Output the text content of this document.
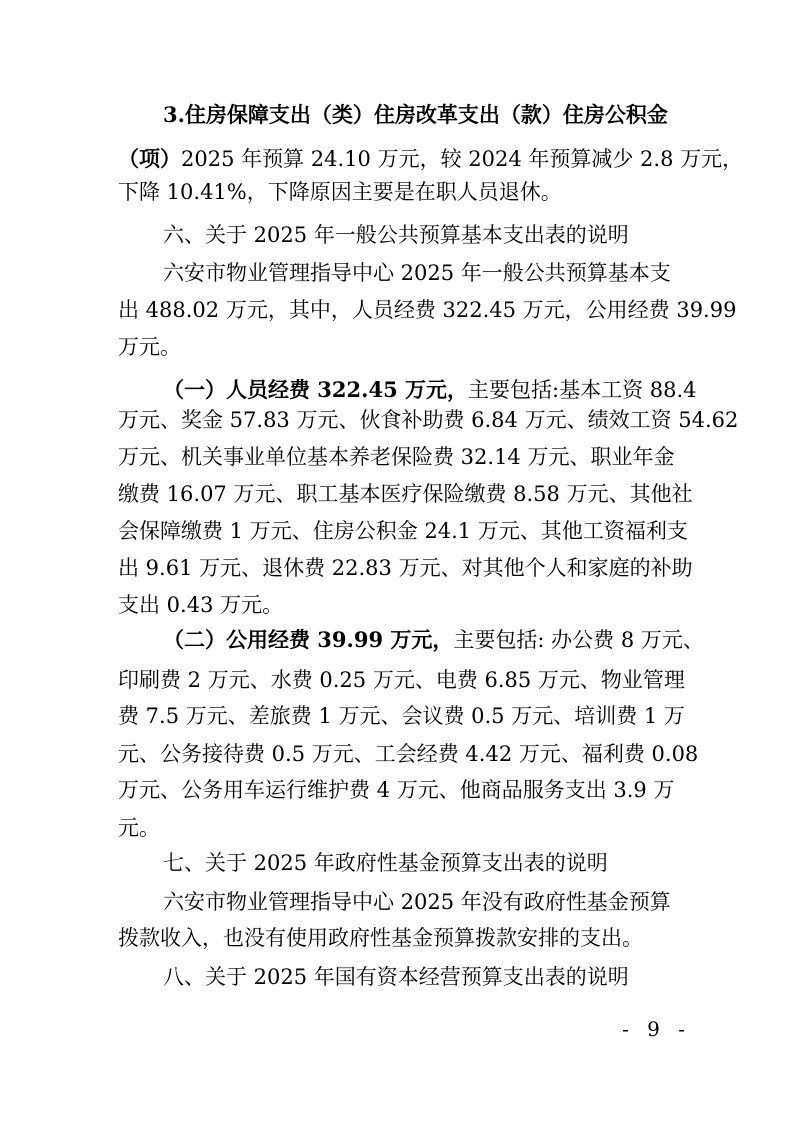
3.住房保障支出（类）住房改革支出（款）住房公积金

（项）2025 年预算 24.10 万元，较 2024 年预算减少 2.8 万元，

下降 10.41%，下降原因主要是在职人员退休。

六、关于 2025 年一般公共预算基本支出表的说明

六安市物业管理指导中心 2025 年一般公共预算基本支

出 488.02 万元，其中，人员经费 322.45 万元，公用经费 39.99

万元。

（一）人员经费 322.45 万元，主要包括:基本工资 88.4

万元、奖金 57.83 万元、伙食补助费 6.84 万元、绩效工资 54.62

万元、机关事业单位基本养老保险费 32.14 万元、职业年金

缴费 16.07 万元、职工基本医疗保险缴费 8.58 万元、其他社

会保障缴费 1 万元、住房公积金 24.1 万元、其他工资福利支

出 9.61 万元、退休费 22.83 万元、对其他个人和家庭的补助

支出 0.43 万元。

（二）公用经费 39.99 万元，主要包括: 办公费 8 万元、

印刷费 2 万元、水费 0.25 万元、电费 6.85 万元、物业管理

费 7.5 万元、差旅费 1 万元、会议费 0.5 万元、培训费 1 万

元、公务接待费 0.5 万元、工会经费 4.42 万元、福利费 0.08

万元、公务用车运行维护费 4 万元、他商品服务支出 3.9 万

元。

七、关于 2025 年政府性基金预算支出表的说明

六安市物业管理指导中心 2025 年没有政府性基金预算

拨款收入，也没有使用政府性基金预算拨款安排的支出。

八、关于 2025 年国有资本经营预算支出表的说明

- 9 -
